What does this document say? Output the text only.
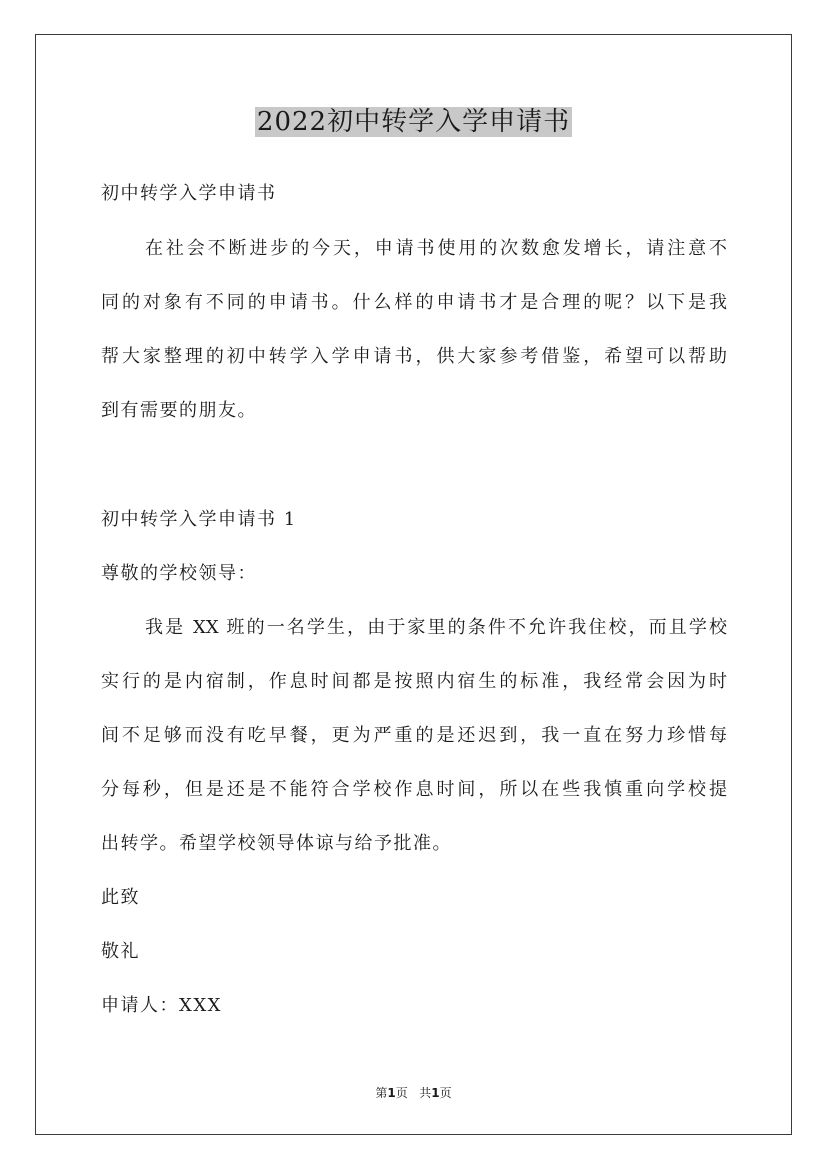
2022初中转学入学申请书
初中转学入学申请书
在社会不断进步的今天，申请书使用的次数愈发增长，请注意不
同的对象有不同的申请书。什么样的申请书才是合理的呢？以下是我
帮大家整理的初中转学入学申请书，供大家参考借鉴，希望可以帮助
到有需要的朋友。
初中转学入学申请书 1
尊敬的学校领导：
我是 XX 班的一名学生，由于家里的条件不允许我住校，而且学校
实行的是内宿制，作息时间都是按照内宿生的标准，我经常会因为时
间不足够而没有吃早餐，更为严重的是还迟到，我一直在努力珍惜每
分每秒，但是还是不能符合学校作息时间，所以在些我慎重向学校提
出转学。希望学校领导体谅与给予批准。
此致
敬礼
申请人：XXX
第1页 共1页
